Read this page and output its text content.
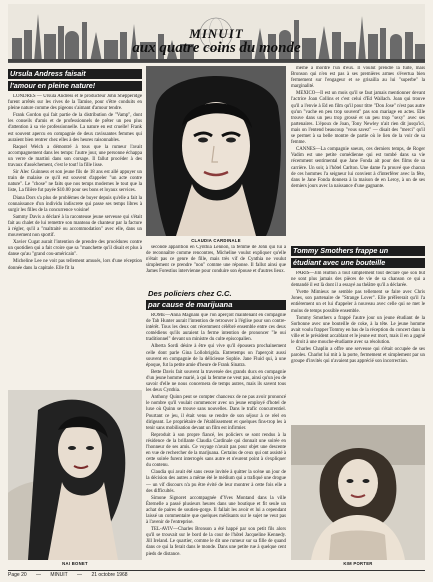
MINUIT
aux quatre coins du monde
Ursula Andress faisait
l'amour en pleine nature!

LONDRES — Ursula Andress et le producteur John Shepperidge furent arrêtés sur les rives de la Tamise, pour s'être conduits en pleine nature comme des pigeons s'aimant d'amour tendre.

Frank Gordon qui fait partie de la distribution de "Vamp", dont les conseils d'amis et de professionnels de prêter un peu plus d'attention à sa vie professionnelle. La nature en est cruelle! Frank est souvent apercu en compagnie de deux ravissantes femmes qui auraient bien rentrer chez elles à des heures raisonnables.

Raquel Welch a démontré à tous que la rumeur l'avait accompagnement dans les temps: l'autre jour, une personne échappa un verre de martini dans son corsage. Il fallut procéder à des travaux d'assèchement, c'est le tout! la fille lisse.

Sir Alec Guinness et son jeune fils de 18 ans est allé appuyer un train de malaise ce qu'il est souvent d'appeler "un acte contre nature". Le "chose" ne faits que nos temps modernes le tout que la liste, La filière fut payée $10.00 pour ses bons et loyaux services.

Diana Dors s'a plus de problèmes de buyer depuis qu'elle a fait la connaissance d'un individu indiscrete qui passe ses temps libres à surgir les filles de la concurrence voisine!

Sammy Davis a déclaré à la raconteuse jeune serveuse qui s'était fait au chalet de lui remettre son manteau de chanteur par la facture à régler, qu'il a "maltraité ou accommodation" avec elle, dans un mouvement non sportif.

Xavier Cugat aurait l'intention de prendre des procédures contre un quotidien qui a fait croire que sa "manchette qu'il disait et plus à danse qu'au "grand cou-américain".

Micheline Lee ne voit pas tellement amusés, lors d'une réception donnée dans la capitale. Elle fit la

NAI BONET
CLAUDIA CARDINALE

seconde apparition en Cynthia Lennon, la femme de John qui lui a de reconnaître comme rencontres, Micheline voulut expliquer qu'elle n'était pas ce genre de fille, mais très vif de Cynthia ne voulut simplement ce prendre "non" comme une réponse. Il fallut ainsi que James Forestius intervienne pour conduire son épouse et d'autres lieux.

Des policiers chez C.C.
par cause de marijuana

ROME—Anna Magnani que l'on aperçoit maintenant en compagnie de Tab Hunter aurait l'intention de retrouver à l'église pour son contre-intérêt. Tous les deux ont récemment célébré ensemble entre ces deux comédiens qu'ils auraient la ferme intention de prononcer "le oui traditionnel" devant un ministre du culte episcopalien.

Alberta Sordi désire à être qui vive qu'il épousera prochainement celle dont parle Gina Lollobrigida. Entretemps on l'aperçoit aussi souvent en compagnie de la délicieuse Sophie. Jane Fluid qui, à une époque, fut la petite amie d'heure de Frank Sinatra.

Bette Davis fait souvent la traversée des grands ducs en compagnie d'un jeune homme marié, à qui la femme ne veut pas, ainsi qu'un jeu de savoir d'elle ne nous concernera de temps autres, mais ils savent tous les deux Cynthia.

Anthony Quinn peut se compter chanceux de ne pas avoir prononcé le nombre qu'il voulait commencer avec un jeune employé d'hotel de luxe où Quinn se trouve sans nouvelles. Dans le trafic concurrentiel. Pourtant ce jeu, il était venu se rendre de son séjour à ce réel en dirigeant. Le propriétaire de l'établissement et quelques fins-trop les à tenir sans mobilisation devant un film est infirmier.

Reproduit à son propre fiancé, les policiers se sont rendus à la résidence de la brillante Claudia Cardinale qui donnait une soirée en l'honneur de ses amis. Ce voyage n'avait pas pour objet une descente en vue de rechercher de la marijuana. Certains de ceux qui ont assisté à cette soirée furent interrogés sans autre et n'eurent point à s'expliquer du contenu.

Claudia qui avait été sans cesse invitée à quitter la scène un jour de la décision des autres a même été le médium qui a trafiqué une drogue — un vif discours n'a pu être évité de leur montrer à cette fois elle a des difficultés.

Simone Signoret accompagnée d'Yves Montand dans la ville Éternelle a passé plusieurs heures dans une boutique et fit seule un achat de paires de soutien-gorge. Il fallait les avoir et lui a cependant laissé un commentaire que quelques médisants sur le sujet ne veut pas à l'avenir de l'entreprise.

TEL-AVIV—Charles Bronson a été happé par son petit fils alors qu'il se trouvait sur le bord de la cour de l'hôtel Jacqueline Kennedy. Jill Ireland. Le quartier, comme le dit une rumeur sur sa fille de quand dans ce qui la ferait dans le monde. Dans une petite rue à quelque cent pieds de distance.

même à mordre l'un d'eux. Il voulut prendre la fuite, mais Bronson qui n'en est pas à ses premières armes s'évertua bien fermement sur l'engageur et se grisailla au lui "superbe" la marginalité.

MEXICO—Il est un mois qu'il se faut jamais mentionner devant l'actrice Joan Collins et c'est celui d'Ed Wallach. Joan qui trouve qu'il a l'envie à Ed en film qu'il pour titre "Don Jose" n'est pas autre qu'un "vache en peu trop souvent" pas son mariage en actes. Elle trouve dans un peu trop grossé et un peu trop "sexy" avec ses partenaires. L'époux de Joan, Tony Newley n'ait rien dit jusqu'ici, mais on l'entend beaucoup "vous savez" — disait des "merci" qu'il se permet à sa belle montre de partie où le lien de la voir de sa femme.

CANNES—La compagnie soeurs, ces derniers temps, de Roger Vadim est une petite comédienne qui est tombé dans sa vie récemment sentimental que Jane Fonda ait pour des films de sa carrière. Un soir, à l'hôtel Carlton. Une dame l'a prouvé que chacun de ces hommes l'a seigneur lui convient à d'interférer avec la fête, dans le Jane Fonda donnera à la maison de en Leroy, à un de ses derniers jours avec la naissance d'une gagnante.

Tommy Smothers frappe un
étudiant avec une bouteille

PARIS—Jim Hutton a tout simplement tout déclaré que son but ne sont plus jamais des pièces de vie de sa chanson ce qui a demandé il est là dont il a essayé au théâtre qu'il a déclarée.

Yvette Mimieux ne semble pas tellement se faire avec Chris Jones, son partenaire de "Strange Lover". Elle préfèrerait qu'il l'a entièrement un et lui d'appeler à nouveau avec celle qui se met le moins de temps possible ensemble.

Tommy Smothers a frappé l'autre jour un jeune étudiant de la Sorbonne avec une bouteille de coke, à la tête. Le jeune homme avait voulu frapper Tommy en bas de la réception du concert dans la ville et le président accablant et le jeune est mort, mais il en a gagné le droit à une mouche-étudiante avec sa résolution.

Charles Chaplin a offre une serveuse qui s'était occupée de ses paroles. Charlot lui mit à la porte, fermement et simplement par un groupe d'invités qui n'avaient pas apprécié son incorrection.

KIM PORTER
Page 20 — MINUIT — 21 octobre 1968
